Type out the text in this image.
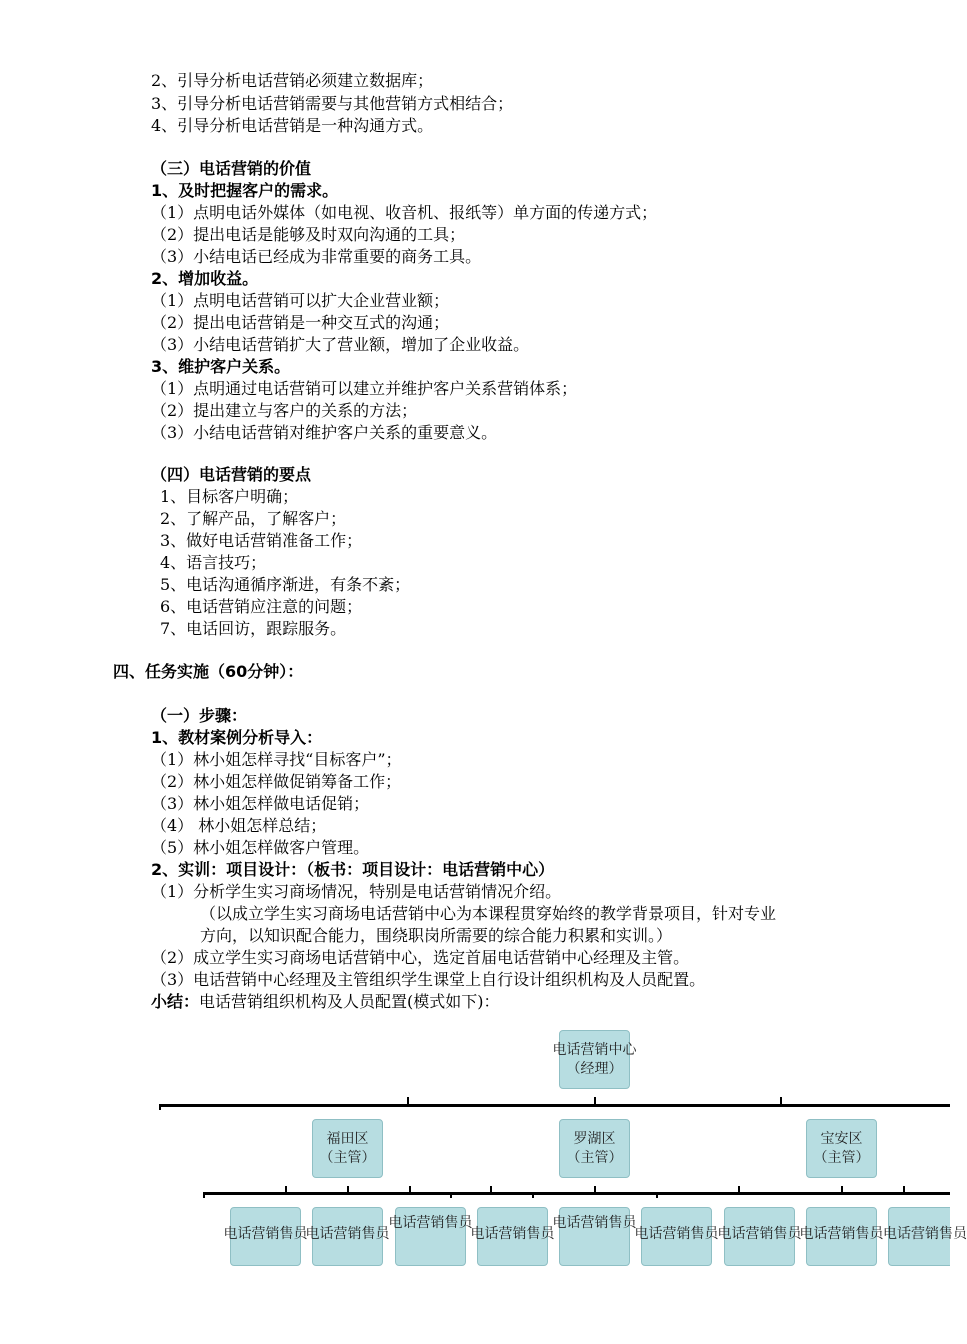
2、引导分析电话营销必须建立数据库；
3、引导分析电话营销需要与其他营销方式相结合；
4、引导分析电话营销是一种沟通方式。
（三）电话营销的价值
1、及时把握客户的需求。
（1）点明电话外媒体（如电视、收音机、报纸等）单方面的传递方式；
（2）提出电话是能够及时双向沟通的工具；
（3）小结电话已经成为非常重要的商务工具。
2、增加收益。
（1）点明电话营销可以扩大企业营业额；
（2）提出电话营销是一种交互式的沟通；
（3）小结电话营销扩大了营业额，增加了企业收益。
3、维护客户关系。
（1）点明通过电话营销可以建立并维护客户关系营销体系；
（2）提出建立与客户的关系的方法；
（3）小结电话营销对维护客户关系的重要意义。
（四）电话营销的要点
1、目标客户明确；
2、了解产品，了解客户；
3、做好电话营销准备工作；
4、语言技巧；
5、电话沟通循序渐进，有条不紊；
6、电话营销应注意的问题；
7、电话回访，跟踪服务。
四、任务实施（60分钟）：
（一）步骤：
1、教材案例分析导入：
（1）林小姐怎样寻找“目标客户”；
（2）林小姐怎样做促销筹备工作；
（3）林小姐怎样做电话促销；
（4） 林小姐怎样总结；
（5）林小姐怎样做客户管理。
2、实训：项目设计：（板书：项目设计：电话营销中心）
（1）分析学生实习商场情况，特别是电话营销情况介绍。
（以成立学生实习商场电话营销中心为本课程贯穿始终的教学背景项目，针对专业
方向，以知识配合能力，围绕职岗所需要的综合能力积累和实训。）
（2）成立学生实习商场电话营销中心，选定首届电话营销中心经理及主管。
（3）电话营销中心经理及主管组织学生课堂上自行设计组织机构及人员配置。
小结：电话营销组织机构及人员配置(模式如下)：
电话营销中心
（经理）
福田区
（主管）
罗湖区
（主管）
宝安区
（主管）
电话营销售员
电话营销售员
电话营销售员
电话营销售员
电话营销售员
电话营销售员 电话营销售员
电话营销售员 电话营销售员
